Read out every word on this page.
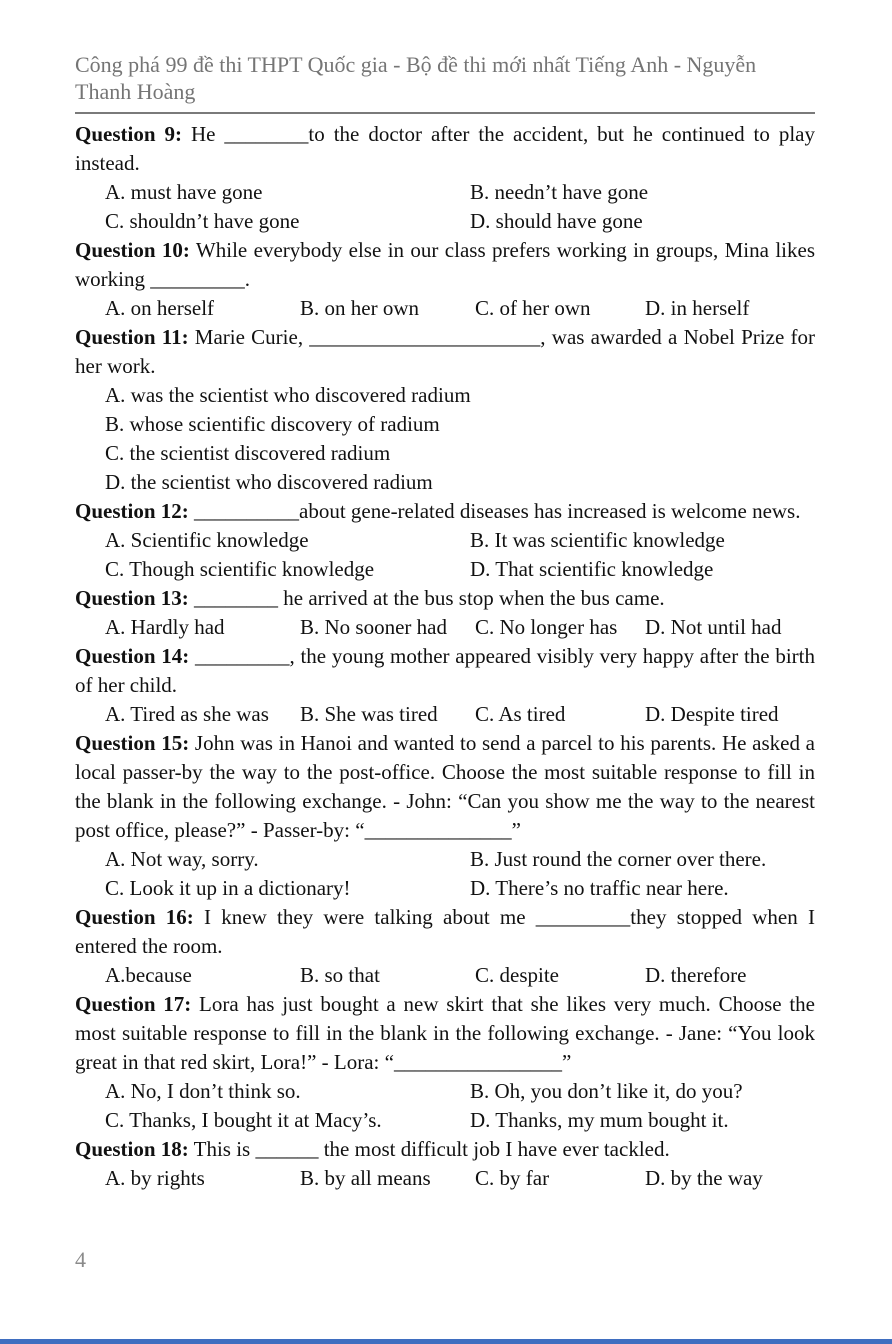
Công phá 99 đề thi THPT Quốc gia - Bộ đề thi mới nhất Tiếng Anh - Nguyễn Thanh Hoàng

Question 9: He ________to the doctor after the accident, but he continued to play instead.

A. must have gone	B. needn’t have gone
C. shouldn’t have gone	D. should have gone

Question 10: While everybody else in our class prefers working in groups, Mina likes working _________.

A. on herself	B. on her own	C. of her own	D. in herself

Question 11: Marie Curie, ______________________, was awarded a Nobel Prize for her work.

A. was the scientist who discovered radium
B. whose scientific discovery of radium
C. the scientist discovered radium
D. the scientist who discovered radium

Question 12: __________about gene-related diseases has increased is welcome news.

A. Scientific knowledge	B. It was scientific knowledge
C. Though scientific knowledge	D. That scientific knowledge

Question 13: ________ he arrived at the bus stop when the bus came.

A. Hardly had	B. No sooner had	C. No longer has	D. Not until had

Question 14: _________, the young mother appeared visibly very happy after the birth of her child.

A. Tired as she was	B. She was tired	C. As tired	D. Despite tired

Question 15: John was in Hanoi and wanted to send a parcel to his parents. He asked a local passer-by the way to the post-office. Choose the most suitable response to fill in the blank in the following exchange. - John: “Can you show me the way to the nearest post office, please?” - Passer-by: “______________”

A. Not way, sorry.	B. Just round the corner over there.
C. Look it up in a dictionary!	D. There’s no traffic near here.

Question 16: I knew they were talking about me _________they stopped when I entered the room.

A.because	B. so that	C. despite	D. therefore

Question 17: Lora has just bought a new skirt that she likes very much. Choose the most suitable response to fill in the blank in the following exchange. - Jane: “You look great in that red skirt, Lora!” - Lora: “________________”

A. No, I don’t think so.	B. Oh, you don’t like it, do you?
C. Thanks, I bought it at Macy’s.	D. Thanks, my mum bought it.

Question 18: This is ______ the most difficult job I have ever tackled.

A. by rights	B. by all means	C. by far	D. by the way
4
